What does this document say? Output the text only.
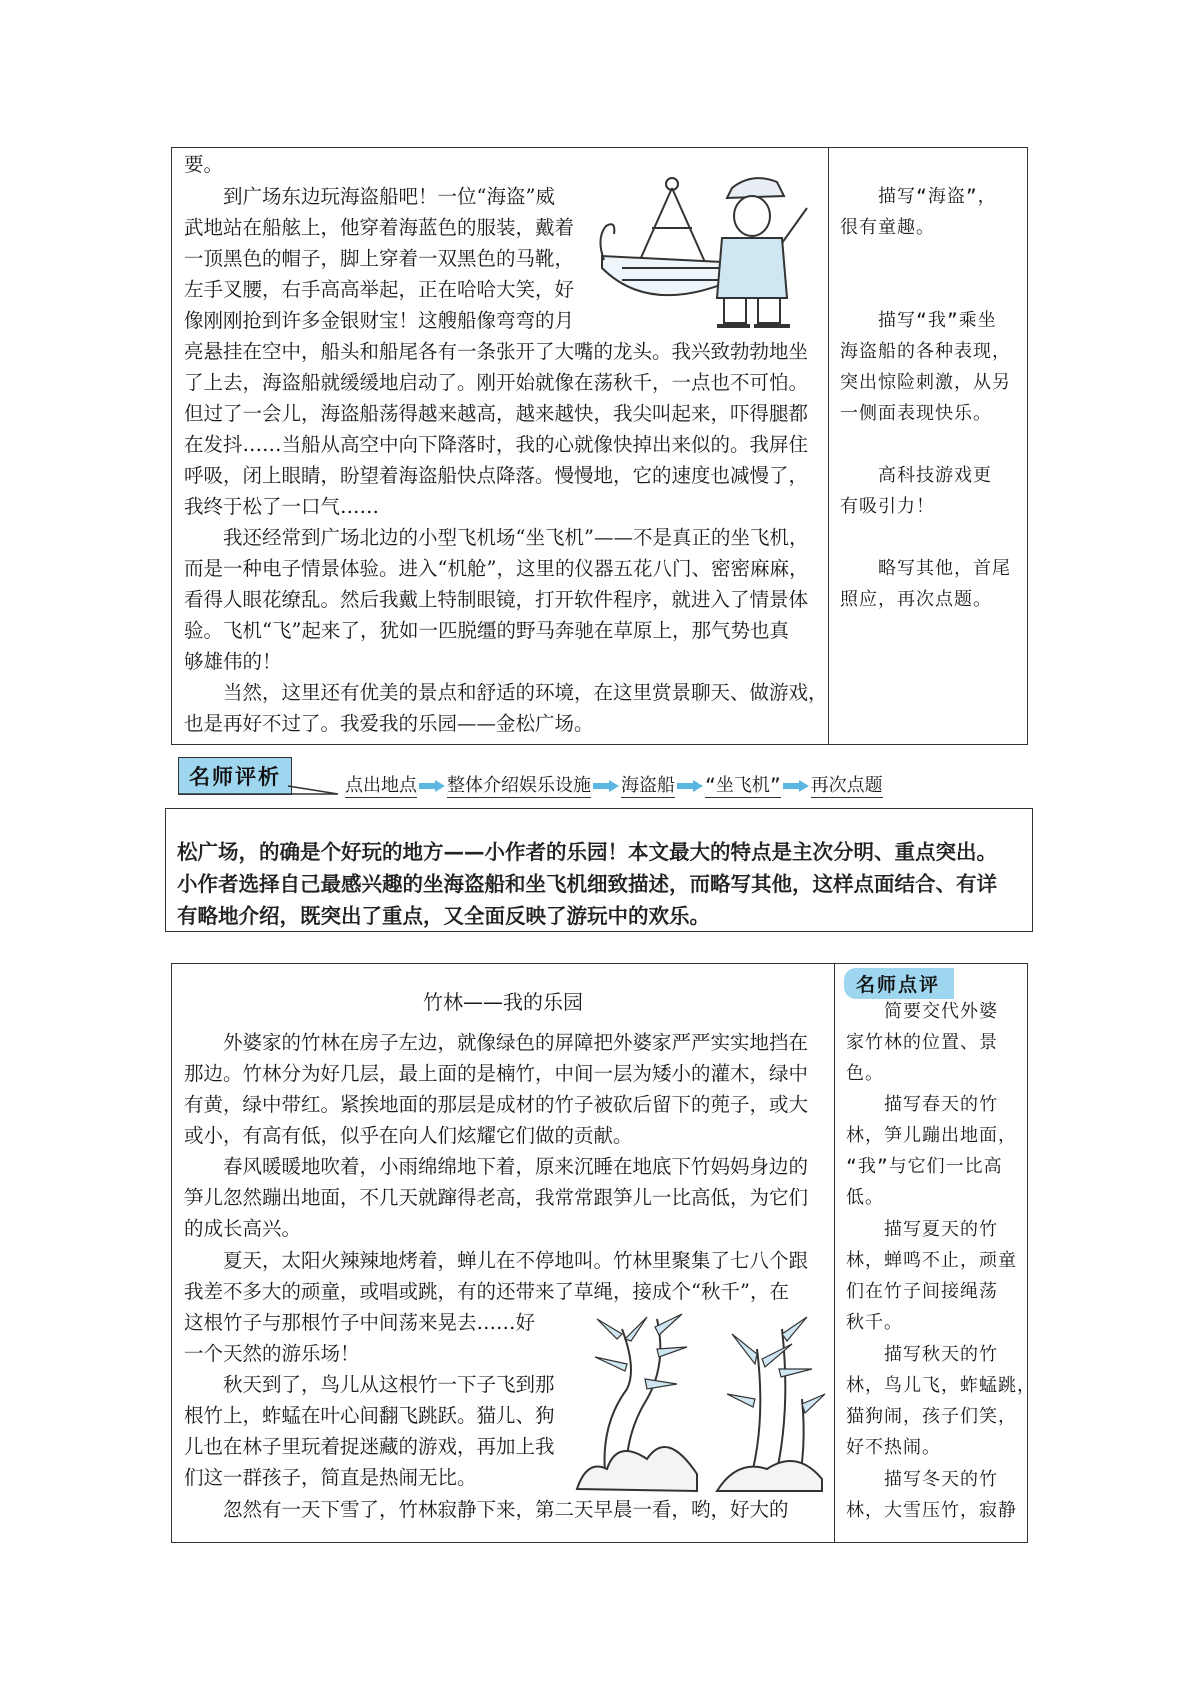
要。

　　到广场东边玩海盗船吧！一位“海盗”威

武地站在船舷上，他穿着海蓝色的服装，戴着

一顶黑色的帽子，脚上穿着一双黑色的马靴，

左手叉腰，右手高高举起，正在哈哈大笑，好

像刚刚抢到许多金银财宝！这艘船像弯弯的月

亮悬挂在空中，船头和船尾各有一条张开了大嘴的龙头。我兴致勃勃地坐

了上去，海盗船就缓缓地启动了。刚开始就像在荡秋千，一点也不可怕。

但过了一会儿，海盗船荡得越来越高，越来越快，我尖叫起来，吓得腿都

在发抖……当船从高空中向下降落时，我的心就像快掉出来似的。我屏住

呼吸，闭上眼睛，盼望着海盗船快点降落。慢慢地，它的速度也减慢了，

我终于松了一口气……

　　我还经常到广场北边的小型飞机场“坐飞机”——不是真正的坐飞机，

而是一种电子情景体验。进入“机舱”，这里的仪器五花八门、密密麻麻，

看得人眼花缭乱。然后我戴上特制眼镜，打开软件程序，就进入了情景体

验。飞机“飞”起来了，犹如一匹脱缰的野马奔驰在草原上，那气势也真

够雄伟的！

　　当然，这里还有优美的景点和舒适的环境，在这里赏景聊天、做游戏，

也是再好不过了。我爱我的乐园——金松广场。

　　描写“海盗”，
很有童趣。

　　描写“我”乘坐
海盗船的各种表现，
突出惊险刺激，从另
一侧面表现快乐。

　　高科技游戏更
有吸引力！

　　略写其他，首尾
照应，再次点题。

名师评析	点出地点 整体介绍娱乐设施 海盗船 “坐飞机” 再次点题
松广场，的确是个好玩的地方——小作者的乐园！本文最大的特点是主次分明、重点突出。
小作者选择自己最感兴趣的坐海盗船和坐飞机细致描述，而略写其他，这样点面结合、有详
有略地介绍，既突出了重点，又全面反映了游玩中的欢乐。
竹林——我的乐园
名师点评

　　外婆家的竹林在房子左边，就像绿色的屏障把外婆家严严实实地挡在

那边。竹林分为好几层，最上面的是楠竹，中间一层为矮小的灌木，绿中

有黄，绿中带红。紧挨地面的那层是成材的竹子被砍后留下的蔸子，或大

或小，有高有低，似乎在向人们炫耀它们做的贡献。

　　春风暖暖地吹着，小雨绵绵地下着，原来沉睡在地底下竹妈妈身边的

笋儿忽然蹦出地面，不几天就蹿得老高，我常常跟笋儿一比高低，为它们

的成长高兴。

　　夏天，太阳火辣辣地烤着，蝉儿在不停地叫。竹林里聚集了七八个跟

我差不多大的顽童，或唱或跳，有的还带来了草绳，接成个“秋千”，在

这根竹子与那根竹子中间荡来晃去……好

一个天然的游乐场！

　　秋天到了，鸟儿从这根竹一下子飞到那

根竹上，蚱蜢在叶心间翻飞跳跃。猫儿、狗

儿也在林子里玩着捉迷藏的游戏，再加上我

们这一群孩子，简直是热闹无比。

　　忽然有一天下雪了，竹林寂静下来，第二天早晨一看，哟，好大的

　　简要交代外婆
家竹林的位置、景
色。

　　描写春天的竹
林，笋儿蹦出地面，
“我”与它们一比高
低。

　　描写夏天的竹
林，蝉鸣不止，顽童
们在竹子间接绳荡
秋千。

　　描写秋天的竹
林，鸟儿飞，蚱蜢跳，
猫狗闹，孩子们笑，
好不热闹。

　　描写冬天的竹
林，大雪压竹，寂静
